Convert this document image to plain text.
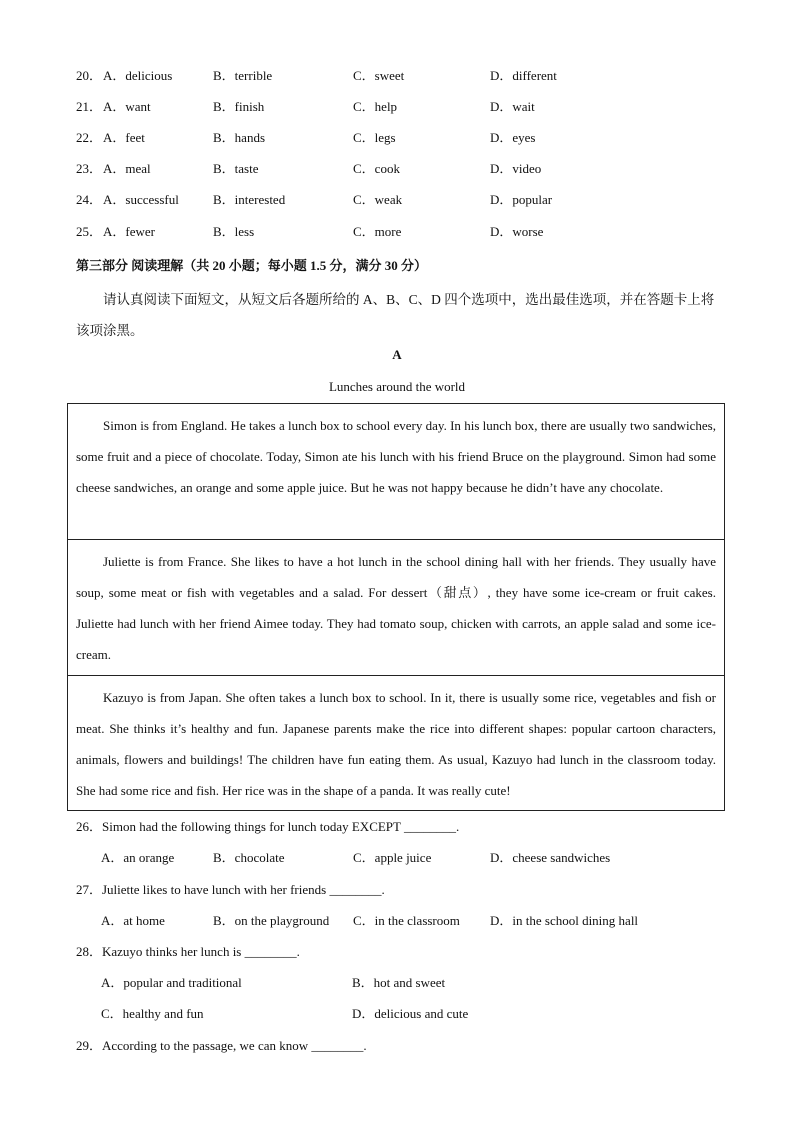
20． A．delicious	B．terrible	C．sweet	D．different
21． A．want	B．finish	C．help	D．wait
22． A．feet	B．hands	C．legs	D．eyes
23． A．meal	B．taste	C．cook	D．video
24． A．successful	B．interested	C．weak	D．popular
25． A．fewer	B．less	C．more	D．worse
第三部分 阅读理解（共 20 小题；每小题 1.5 分，满分 30 分）
请认真阅读下面短文，从短文后各题所给的 A、B、C、D 四个选项中，选出最佳选项，并在答题卡上将该项涂黑。
A
Lunches around the world

Simon is from England. He takes a lunch box to school every day. In his lunch box, there are usually two sandwiches, some fruit and a piece of chocolate. Today, Simon ate his lunch with his friend Bruce on the playground. Simon had some cheese sandwiches, an orange and some apple juice. But he was not happy because he didn’t have any chocolate.

Juliette is from France. She likes to have a hot lunch in the school dining hall with her friends. They usually have soup, some meat or fish with vegetables and a salad. For dessert（甜点）, they have some ice-cream or fruit cakes. Juliette had lunch with her friend Aimee today. They had tomato soup, chicken with carrots, an apple salad and some ice-cream.

Kazuyo is from Japan. She often takes a lunch box to school. In it, there is usually some rice, vegetables and fish or meat. She thinks it’s healthy and fun. Japanese parents make the rice into different shapes: popular cartoon characters, animals, flowers and buildings! The children have fun eating them. As usual, Kazuyo had lunch in the classroom today. She had some rice and fish. Her rice was in the shape of a panda. It was really cute!

26．Simon had the following things for lunch today EXCEPT ________.
A．an orange	B．chocolate	C．apple juice	D．cheese sandwiches
27．Juliette likes to have lunch with her friends ________.
A．at home	B．on the playground C．in the classroom D．in the school dining hall
28．Kazuyo thinks her lunch is ________.
A．popular and traditional	B．hot and sweet
C．healthy and fun	D．delicious and cute
29．According to the passage, we can know ________.
